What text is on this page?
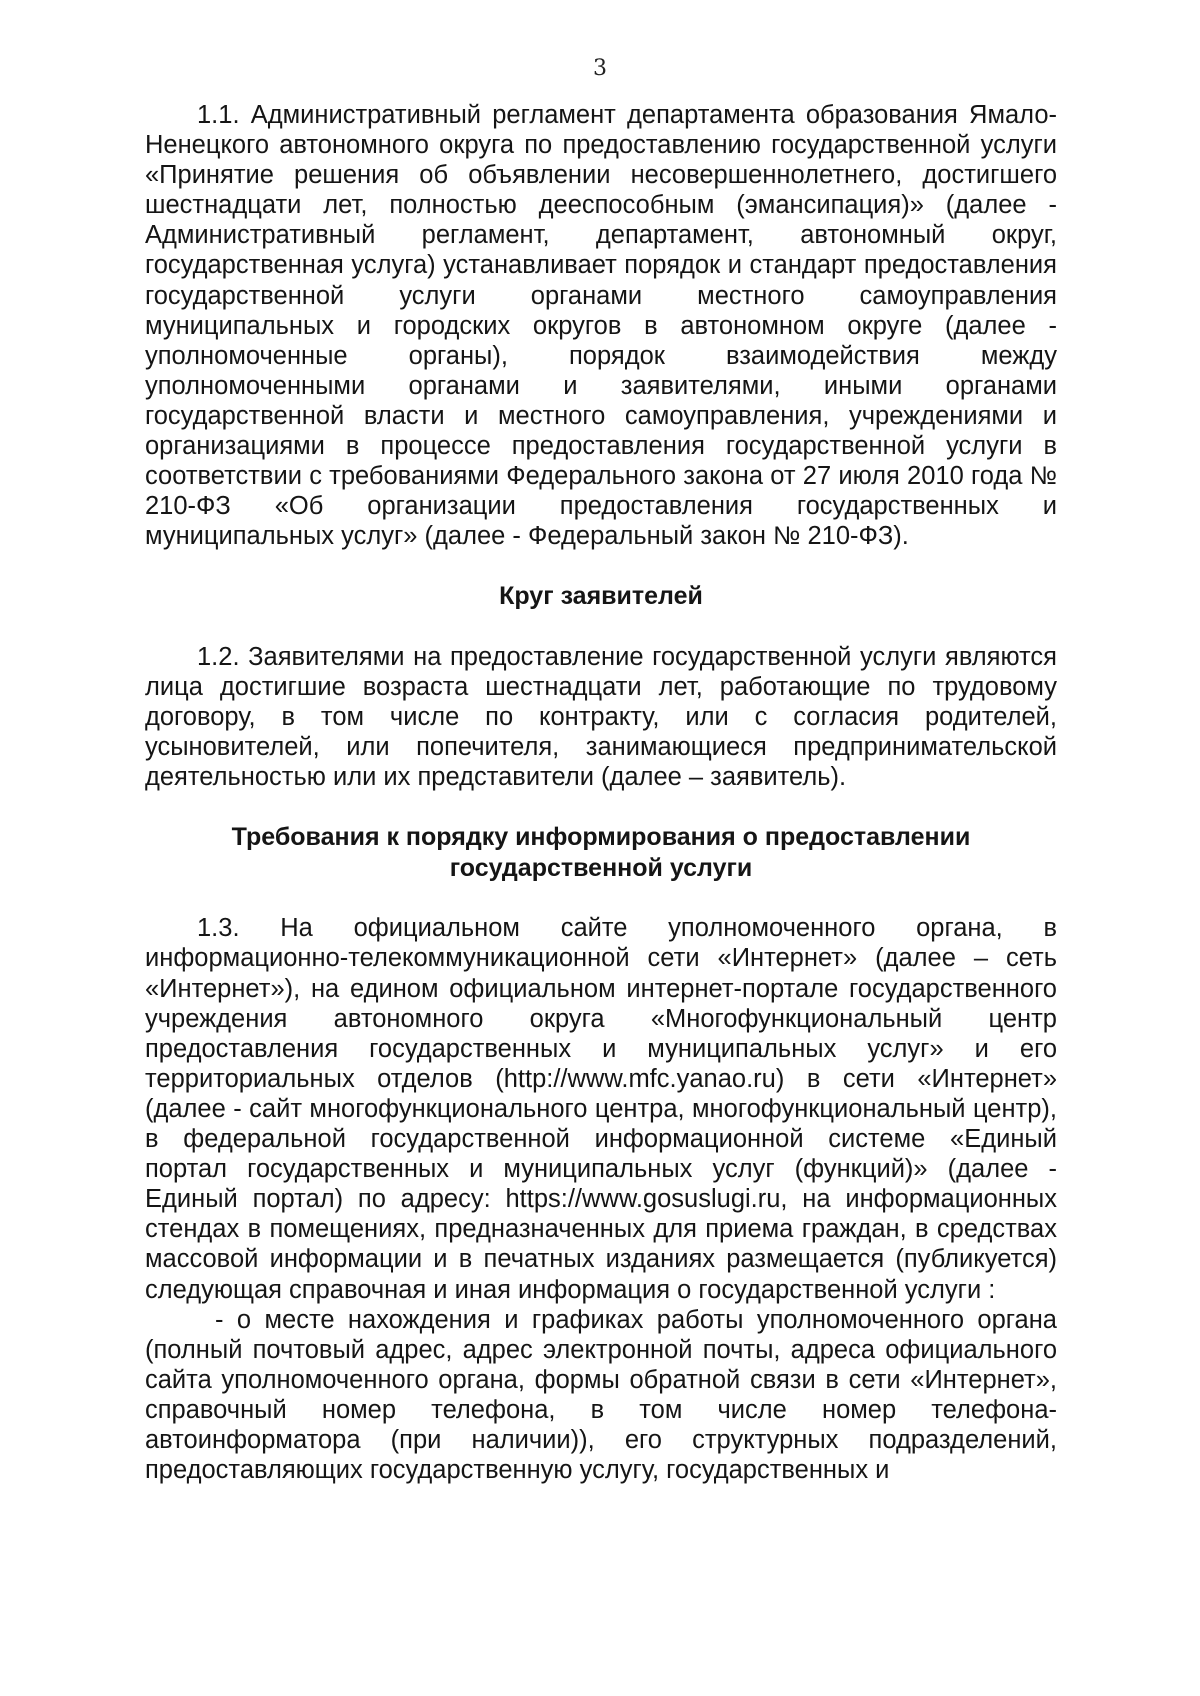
3

1.1. Административный регламент департамента образования Ямало-Ненецкого автономного округа по предоставлению государственной услуги «Принятие решения об объявлении несовершеннолетнего, достигшего шестнадцати лет, полностью дееспособным (эмансипация)» (далее - Административный регламент, департамент, автономный округ, государственная услуга) устанавливает порядок и стандарт предоставления государственной услуги органами местного самоуправления муниципальных и городских округов в автономном округе (далее - уполномоченные органы), порядок взаимодействия между уполномоченными органами и заявителями, иными органами государственной власти и местного самоуправления, учреждениями и организациями в процессе предоставления государственной услуги в соответствии с требованиями Федерального закона от 27 июля 2010 года № 210-ФЗ «Об организации предоставления государственных и муниципальных услуг» (далее - Федеральный закон № 210-ФЗ).

Круг заявителей

1.2. Заявителями на предоставление государственной услуги являются лица достигшие возраста шестнадцати лет, работающие по трудовому договору, в том числе по контракту, или с согласия родителей, усыновителей, или попечителя, занимающиеся предпринимательской деятельностью или их представители (далее – заявитель).

Требования к порядку информирования о предоставлении

государственной услуги

1.3. На официальном сайте уполномоченного органа, в информационно-телекоммуникационной сети «Интернет» (далее – сеть «Интернет»), на едином официальном интернет-портале государственного учреждения автономного округа «Многофункциональный центр предоставления государственных и муниципальных услуг» и его территориальных отделов (http://www.mfc.yanao.ru) в сети «Интернет» (далее - сайт многофункционального центра, многофункциональный центр), в федеральной государственной информационной системе «Единый портал государственных и муниципальных услуг (функций)» (далее - Единый портал) по адресу: https://www.gosuslugi.ru, на информационных стендах в помещениях, предназначенных для приема граждан, в средствах массовой информации и в печатных изданиях размещается (публикуется) следующая справочная и иная информация о государственной услуги :

- о месте нахождения и графиках работы уполномоченного органа (полный почтовый адрес, адрес электронной почты, адреса официального сайта уполномоченного органа, формы обратной связи в сети «Интернет», справочный номер телефона, в том числе номер телефона-автоинформатора (при наличии)), его структурных подразделений, предоставляющих государственную услугу, государственных и
